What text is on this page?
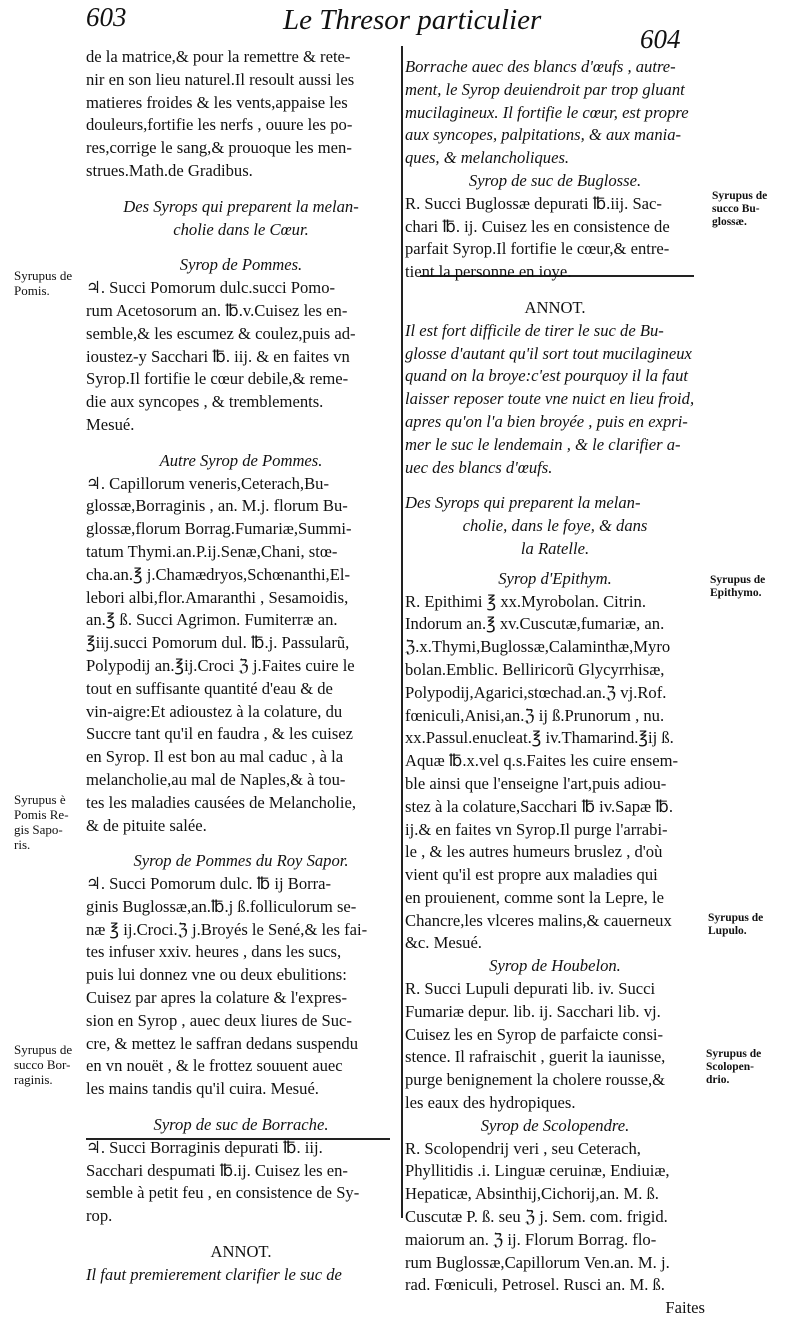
603	Le Thresor particulier
604
de la matrice,& pour la remettre & rete-
nir en son lieu naturel.Il resoult aussi les
matieres froides & les vents,appaise les
douleurs,fortifie les nerfs , ouure les po-
res,corrige le sang,& prouoque les men-
strues.Math.de Gradibus.
Des Syrops qui preparent la melan-
cholie dans le Cœur.
Syrop de Pommes.
♃. Succi Pomorum dulc.succi Pomo-
rum Acetosorum an. ℔.v.Cuisez les en-
semble,& les escumez & coulez,puis ad-
ioustez-y Sacchari ℔. iij. & en faites vn
Syrop.Il fortifie le cœur debile,& reme-
die aux syncopes , & tremblements.
Mesué.
Autre Syrop de Pommes.
♃. Capillorum veneris,Ceterach,Bu-
glossæ,Borraginis , an. M.j. florum Bu-
glossæ,florum Borrag.Fumariæ,Summi-
tatum Thymi.an.P.ij.Senæ,Chani, stœ-
cha.an.℥ j.Chamædryos,Schœnanthi,El-
lebori albi,flor.Amaranthi , Sesamoidis,
an.℥ ß. Succi Agrimon. Fumiterræ an.
℥iij.succi Pomorum dul. ℔.j. Passularũ,
Polypodij an.℥ij.Croci ℨ j.Faites cuire le
tout en suffisante quantité d'eau & de
vin-aigre:Et adioustez à la colature, du
Succre tant qu'il en faudra , & les cuisez
en Syrop. Il est bon au mal caduc , à la
melancholie,au mal de Naples,& à tou-
tes les maladies causées de Melancholie,
& de pituite salée.
Syrop de Pommes du Roy Sapor.
♃. Succi Pomorum dulc. ℔ ij Borra-
ginis Buglossæ,an.℔.j ß.folliculorum se-
næ ℥ ij.Croci.ℨ j.Broyés le Sené,& les fai-
tes infuser xxiv. heures , dans les sucs,
puis lui donnez vne ou deux ebulitions:
Cuisez par apres la colature & l'expres-
sion en Syrop , auec deux liures de Suc-
cre, & mettez le saffran dedans suspendu
en vn nouët , & le frottez souuent auec
les mains tandis qu'il cuira. Mesué.
Syrop de suc de Borrache.
♃. Succi Borraginis depurati ℔. iij.
Sacchari despumati ℔.ij. Cuisez les en-
semble à petit feu , en consistence de Sy-
rop.
ANNOT.
Il faut premierement clarifier le suc de
Borrache auec des blancs d'œufs , autre-
ment, le Syrop deuiendroit par trop gluant
mucilagineux. Il fortifie le cœur, est propre
aux syncopes, palpitations, & aux mania-
ques, & melancholiques.
Syrop de suc de Buglosse.
R. Succi Buglossæ depurati ℔.iij. Sac-
chari ℔. ij. Cuisez les en consistence de
parfait Syrop.Il fortifie le cœur,& entre-
tient la personne en ioye.
ANNOT.
Il est fort difficile de tirer le suc de Bu-
glosse d'autant qu'il sort tout mucilagineux
quand on la broye:c'est pourquoy il la faut
laisser reposer toute vne nuict en lieu froid,
apres qu'on l'a bien broyée , puis en expri-
mer le suc le lendemain , & le clarifier a-
uec des blancs d'œufs.
Des Syrops qui preparent la melan-
cholie, dans le foye, & dans
la Ratelle.
Syrop d'Epithym.
R. Epithimi ℥ xx.Myrobolan. Citrin.
Indorum an.℥ xv.Cuscutæ,fumariæ, an.
ℨ.x.Thymi,Buglossæ,Calaminthæ,Myro
bolan.Emblic. Belliricorũ Glycyrrhisæ,
Polypodij,Agarici,stœchad.an.ℨ vj.Rof.
fœniculi,Anisi,an.ℨ ij ß.Prunorum , nu.
xx.Passul.enucleat.℥ iv.Thamarind.℥ij ß.
Aquæ ℔.x.vel q.s.Faites les cuire ensem-
ble ainsi que l'enseigne l'art,puis adiou-
stez à la colature,Sacchari ℔ iv.Sapæ ℔.
ij.& en faites vn Syrop.Il purge l'arrabi-
le , & les autres humeurs bruslez , d'où
vient qu'il est propre aux maladies qui
en prouienent, comme sont la Lepre, le
Chancre,les vlceres malins,& cauerneux
&c. Mesué.
Syrop de Houbelon.
R. Succi Lupuli depurati lib. iv. Succi
Fumariæ depur. lib. ij. Sacchari lib. vj.
Cuisez les en Syrop de parfaicte consi-
stence. Il rafraischit , guerit la iaunisse,
purge benignement la cholere rousse,&
les eaux des hydropiques.
Syrop de Scolopendre.
R. Scolopendrij veri , seu Ceterach,
Phyllitidis .i. Linguæ ceruinæ, Endiuiæ,
Hepaticæ, Absinthij,Cichorij,an. M. ß.
Cuscutæ P. ß. seu ℨ j. Sem. com. frigid.
maiorum an. ℨ ij. Florum Borrag. flo-
rum Buglossæ,Capillorum Ven.an. M. j.
rad. Fœniculi, Petrosel. Rusci an. M. ß.
Faites
Syrupus de
Pomis.
Syrupus è
Pomis Re-
gis Sapo-
ris.
Syrupus de
succo Bor-
raginis.
Syrupus de
succo Bu-
glossæ.
Syrupus de
Epithymo.
Syrupus de
Lupulo.
Syrupus de
Scolopen-
drio.
